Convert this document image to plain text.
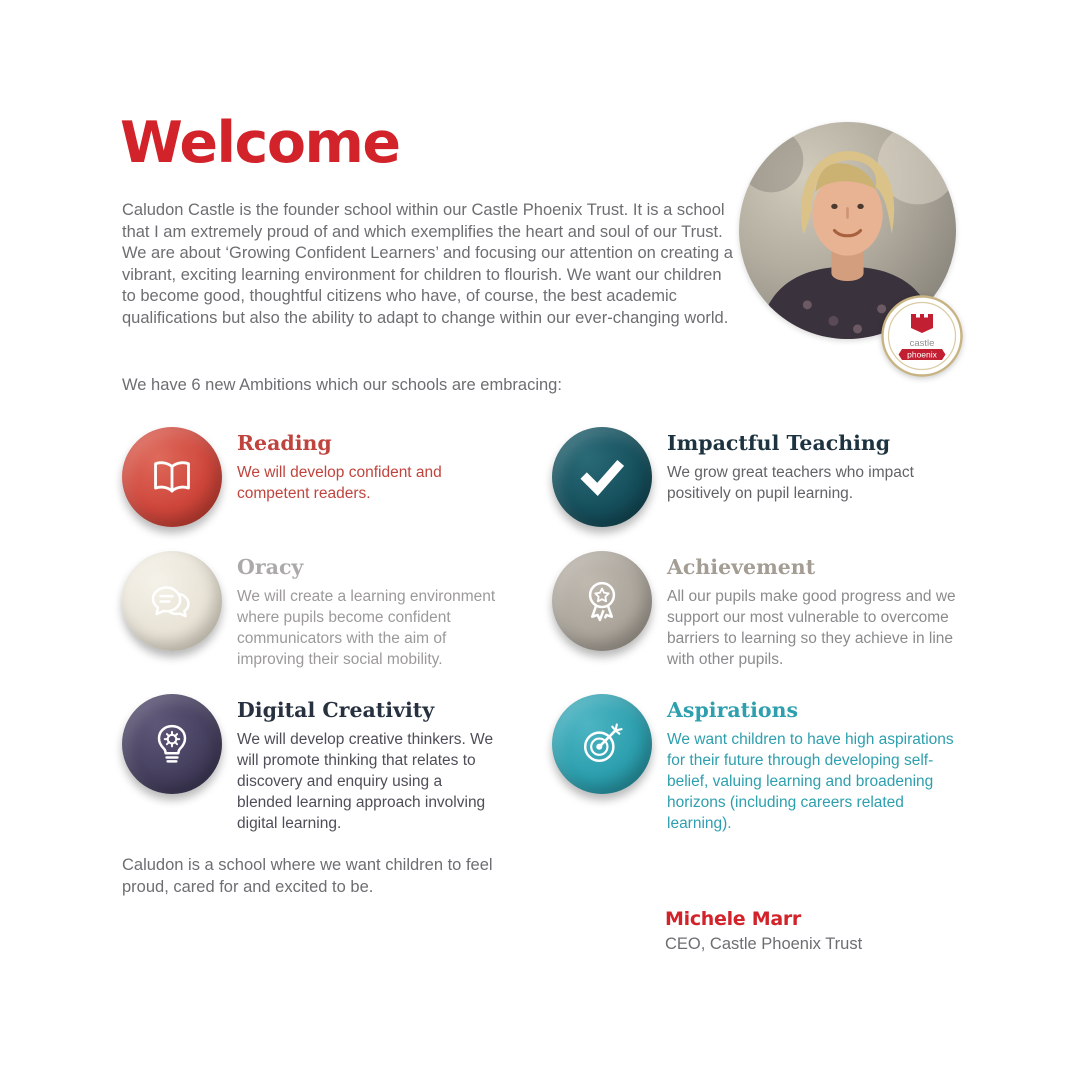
Welcome

Caludon Castle is the founder school within our Castle Phoenix Trust. It is a school that I am extremely proud of and which exemplifies the heart and soul of our Trust. We are about ‘Growing Confident Learners’ and focusing our attention on creating a vibrant, exciting learning environment for children to flourish. We want our children to become good, thoughtful citizens who have, of course, the best academic qualifications but also the ability to adapt to change within our ever-changing world.

castle
phoenix

We have 6 new Ambitions which our schools are embracing:

Reading

We will develop confident and competent readers.

Impactful Teaching

We grow great teachers who impact positively on pupil learning.

Oracy

We will create a learning environment where pupils become confident communicators with the aim of improving their social mobility.

Achievement

All our pupils make good progress and we support our most vulnerable to overcome barriers to learning so they achieve in line with other pupils.

Digital Creativity

We will develop creative thinkers. We will promote thinking that relates to discovery and enquiry using a blended learning approach involving digital learning.

Aspirations

We want children to have high aspirations for their future through developing self-belief, valuing learning and broadening horizons (including careers related learning).

Caludon is a school where we want children to feel proud, cared for and excited to be.

Michele Marr
CEO, Castle Phoenix Trust
